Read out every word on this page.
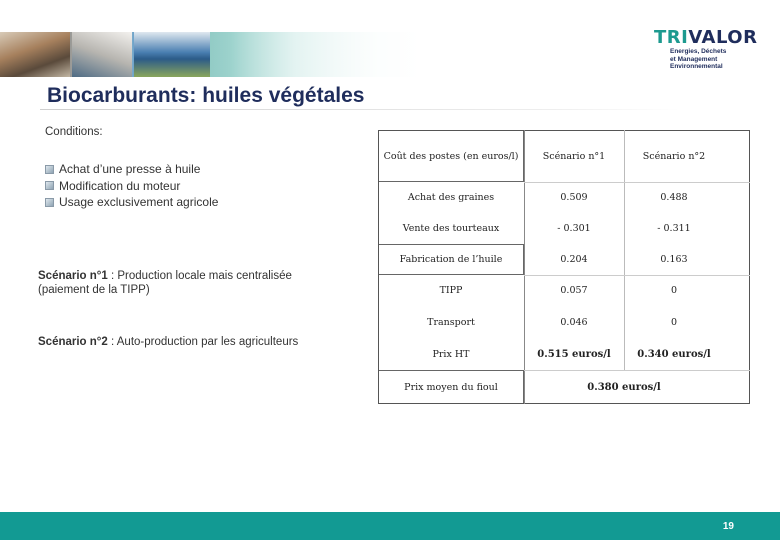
TRIVALOR
Energies, Déchets
et Management
Environnemental
Biocarburants: huiles végétales
Conditions:
Achat d’une presse à huile
Modification du moteur
Usage exclusivement agricole
Scénario n°1 : Production locale mais centralisée (paiement de la TIPP)
Scénario n°2 : Auto-production par les agriculteurs
Coût des postes (en euros/l)	Scénario n°1	Scénario n°2
Achat des graines	0.509	0.488
Vente des tourteaux	- 0.301	- 0.311
Fabrication de l’huile	0.204	0.163
TIPP	0.057	0
Transport	0.046	0
Prix HT	0.515 euros/l	0.340 euros/l
Prix moyen du fioul	0.380 euros/l
19
